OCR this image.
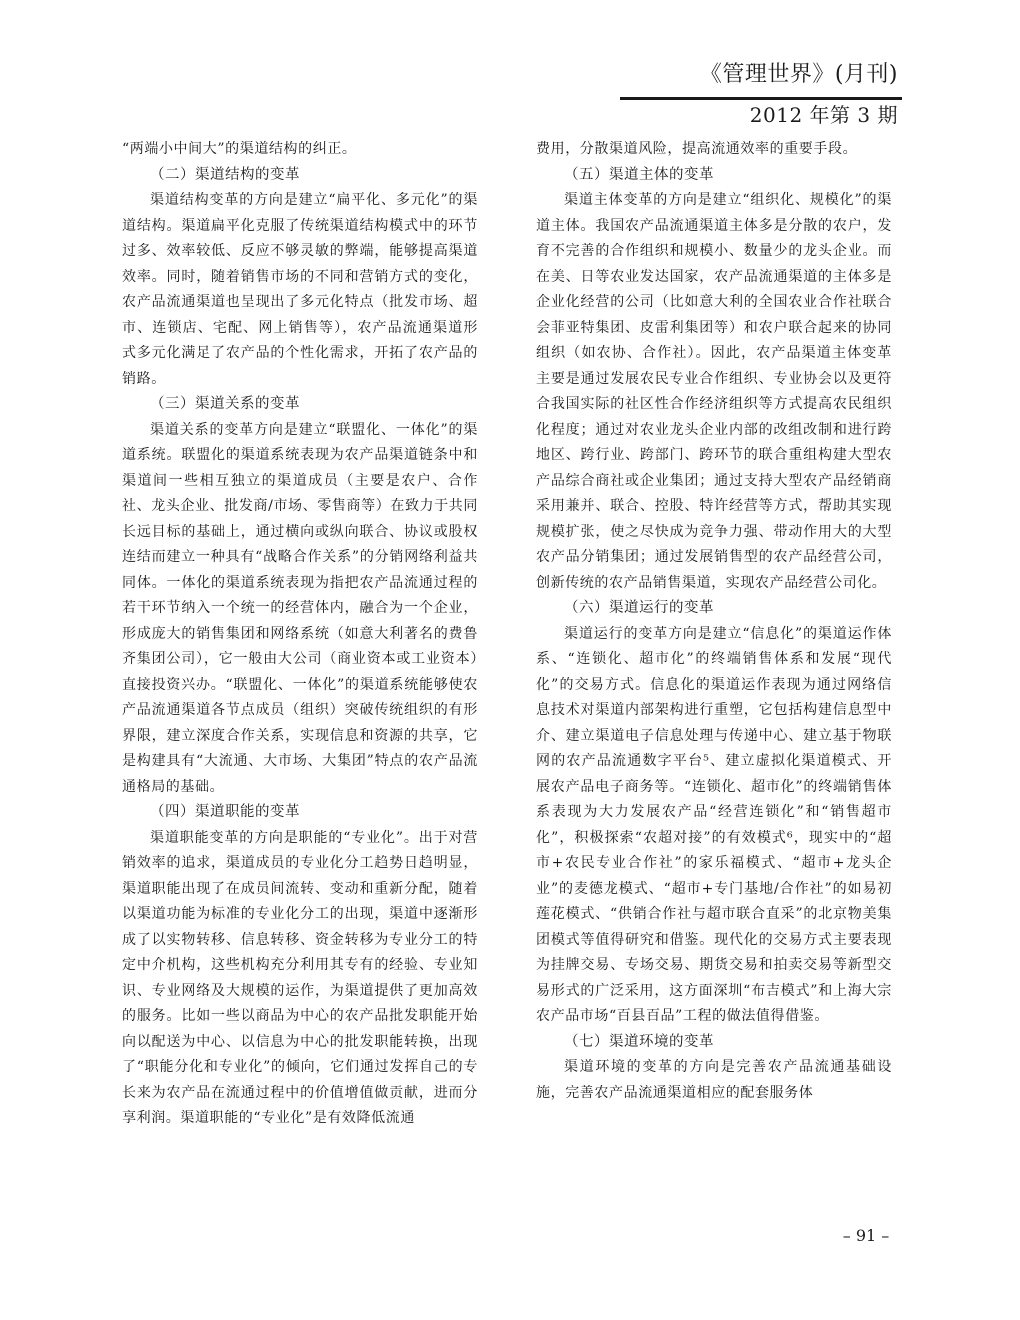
《管理世界》(月刊)
2012 年第 3 期

“两端小中间大”的渠道结构的纠正。

（二）渠道结构的变革

渠道结构变革的方向是建立“扁平化、多元化”的渠道结构。渠道扁平化克服了传统渠道结构模式中的环节过多、效率较低、反应不够灵敏的弊端，能够提高渠道效率。同时，随着销售市场的不同和营销方式的变化，农产品流通渠道也呈现出了多元化特点（批发市场、超市、连锁店、宅配、网上销售等），农产品流通渠道形式多元化满足了农产品的个性化需求，开拓了农产品的销路。

（三）渠道关系的变革

渠道关系的变革方向是建立“联盟化、一体化”的渠道系统。联盟化的渠道系统表现为农产品渠道链条中和渠道间一些相互独立的渠道成员（主要是农户、合作社、龙头企业、批发商/市场、零售商等）在致力于共同长远目标的基础上，通过横向或纵向联合、协议或股权连结而建立一种具有“战略合作关系”的分销网络利益共同体。一体化的渠道系统表现为指把农产品流通过程的若干环节纳入一个统一的经营体内，融合为一个企业，形成庞大的销售集团和网络系统（如意大利著名的费鲁齐集团公司），它一般由大公司（商业资本或工业资本）直接投资兴办。“联盟化、一体化”的渠道系统能够使农产品流通渠道各节点成员（组织）突破传统组织的有形界限，建立深度合作关系，实现信息和资源的共享，它是构建具有“大流通、大市场、大集团”特点的农产品流通格局的基础。

（四）渠道职能的变革

渠道职能变革的方向是职能的“专业化”。出于对营销效率的追求，渠道成员的专业化分工趋势日趋明显，渠道职能出现了在成员间流转、变动和重新分配，随着以渠道功能为标准的专业化分工的出现，渠道中逐渐形成了以实物转移、信息转移、资金转移为专业分工的特定中介机构，这些机构充分利用其专有的经验、专业知识、专业网络及大规模的运作，为渠道提供了更加高效的服务。比如一些以商品为中心的农产品批发职能开始向以配送为中心、以信息为中心的批发职能转换，出现了“职能分化和专业化”的倾向，它们通过发挥自己的专长来为农产品在流通过程中的价值增值做贡献，进而分享利润。渠道职能的“专业化”是有效降低流通

费用，分散渠道风险，提高流通效率的重要手段。

（五）渠道主体的变革

渠道主体变革的方向是建立“组织化、规模化”的渠道主体。我国农产品流通渠道主体多是分散的农户，发育不完善的合作组织和规模小、数量少的龙头企业。而在美、日等农业发达国家，农产品流通渠道的主体多是企业化经营的公司（比如意大利的全国农业合作社联合会菲亚特集团、皮雷利集团等）和农户联合起来的协同组织（如农协、合作社）。因此，农产品渠道主体变革主要是通过发展农民专业合作组织、专业协会以及更符合我国实际的社区性合作经济组织等方式提高农民组织化程度；通过对农业龙头企业内部的改组改制和进行跨地区、跨行业、跨部门、跨环节的联合重组构建大型农产品综合商社或企业集团；通过支持大型农产品经销商采用兼并、联合、控股、特许经营等方式，帮助其实现规模扩张，使之尽快成为竞争力强、带动作用大的大型农产品分销集团；通过发展销售型的农产品经营公司，创新传统的农产品销售渠道，实现农产品经营公司化。

（六）渠道运行的变革

渠道运行的变革方向是建立“信息化”的渠道运作体系、“连锁化、超市化”的终端销售体系和发展“现代化”的交易方式。信息化的渠道运作表现为通过网络信息技术对渠道内部架构进行重塑，它包括构建信息型中介、建立渠道电子信息处理与传递中心、建立基于物联网的农产品流通数字平台⁵、建立虚拟化渠道模式、开展农产品电子商务等。“连锁化、超市化”的终端销售体系表现为大力发展农产品“经营连锁化”和“销售超市化”，积极探索“农超对接”的有效模式⁶，现实中的“超市+农民专业合作社”的家乐福模式、“超市+龙头企业”的麦德龙模式、“超市+专门基地/合作社”的如易初莲花模式、“供销合作社与超市联合直采”的北京物美集团模式等值得研究和借鉴。现代化的交易方式主要表现为挂牌交易、专场交易、期货交易和拍卖交易等新型交易形式的广泛采用，这方面深圳“布吉模式”和上海大宗农产品市场“百县百品”工程的做法值得借鉴。

（七）渠道环境的变革

渠道环境的变革的方向是完善农产品流通基础设施，完善农产品流通渠道相应的配套服务体

– 91 –
